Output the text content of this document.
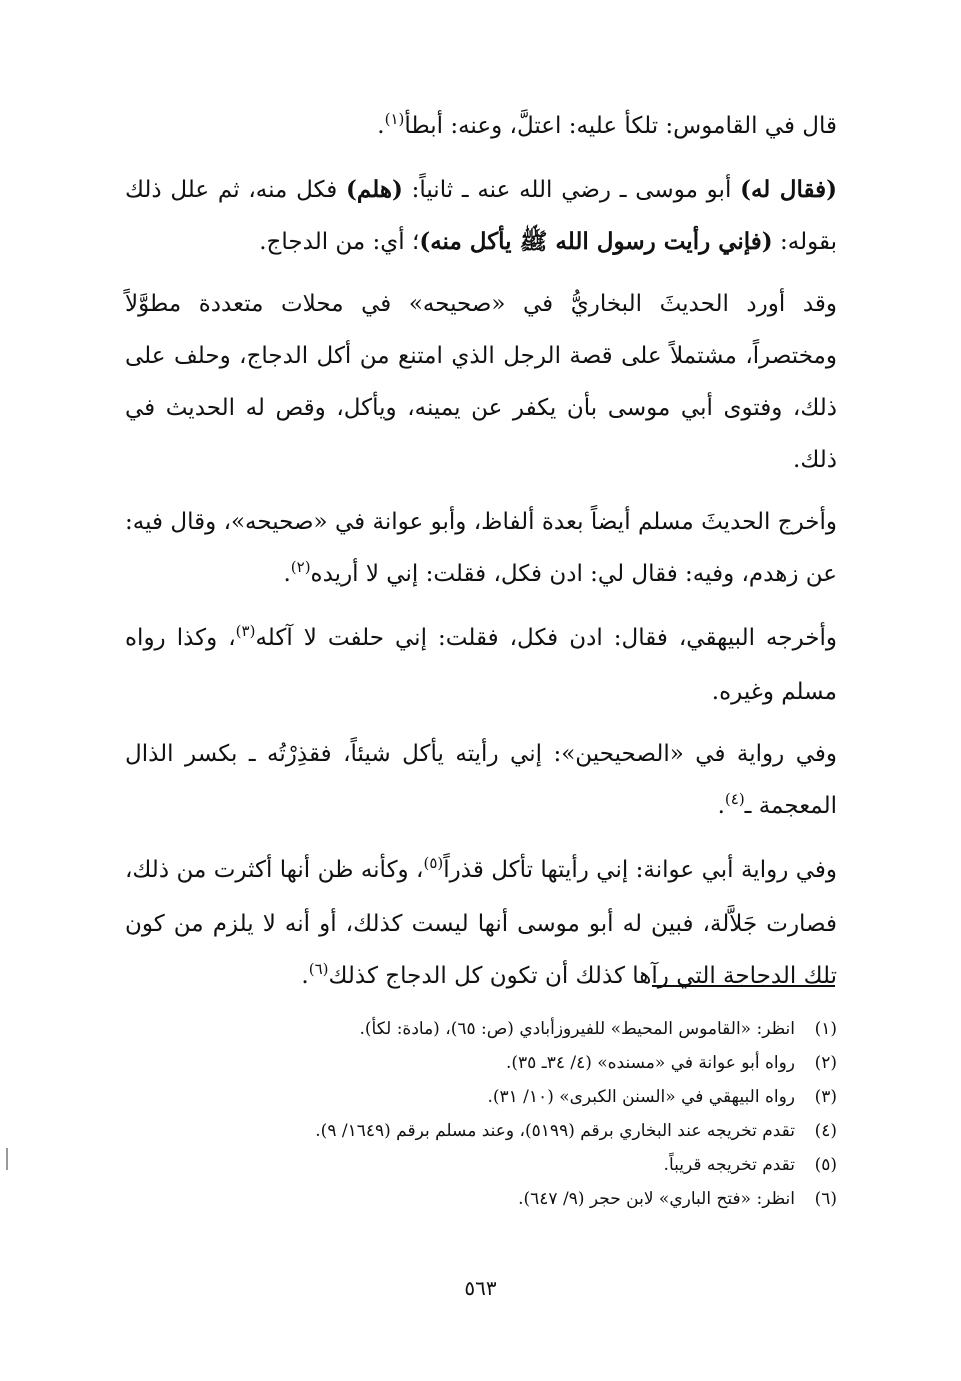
قال في القاموس: تلكأ عليه: اعتلَّ، وعنه: أبطأ$^{(١)}$.

(فقال له) أبو موسى ـ رضي الله عنه ـ ثانياً: (هلم) فكل منه، ثم علل ذلك بقوله: (فإني رأيت رسول الله ﷺ يأكل منه)؛ أي: من الدجاج.

وقد أورد الحديثَ البخاريُّ في «صحيحه» في محلات متعددة مطوَّلاً ومختصراً، مشتملاً على قصة الرجل الذي امتنع من أكل الدجاج، وحلف على ذلك، وفتوى أبي موسى بأن يكفر عن يمينه، ويأكل، وقص له الحديث في ذلك.

وأخرج الحديثَ مسلم أيضاً بعدة ألفاظ، وأبو عوانة في «صحيحه»، وقال فيه: عن زهدم، وفيه: فقال لي: ادن فكل، فقلت: إني لا أريده$^{(٢)}$.

وأخرجه البيهقي، فقال: ادن فكل، فقلت: إني حلفت لا آكله$^{(٣)}$، وكذا رواه مسلم وغيره.

وفي رواية في «الصحيحين»: إني رأيته يأكل شيئاً، فقذِرْتُه ـ بكسر الذال المعجمة ـ$^{(٤)}$.

وفي رواية أبي عوانة: إني رأيتها تأكل قذراً$^{(٥)}$، وكأنه ظن أنها أكثرت من ذلك، فصارت جَلاَّلة، فبين له أبو موسى أنها ليست كذلك، أو أنه لا يلزم من كون تلك الدجاجة التي رآها كذلك أن تكون كل الدجاج كذلك$^{(٦)}$.

(١)
انظر: «القاموس المحيط» للفيروزأبادي (ص: ٦٥)، (مادة: لكأ).
(٢)
رواه أبو عوانة في «مسنده» (٤/ ٣٤ـ ٣٥).
(٣)
رواه البيهقي في «السنن الكبرى» (١٠/ ٣١).
(٤)
تقدم تخريجه عند البخاري برقم (٥١٩٩)، وعند مسلم برقم (١٦٤٩/ ٩).
(٥)
تقدم تخريجه قريباً.
(٦)
انظر: «فتح الباري» لابن حجر (٩/ ٦٤٧).
٥٦٣
